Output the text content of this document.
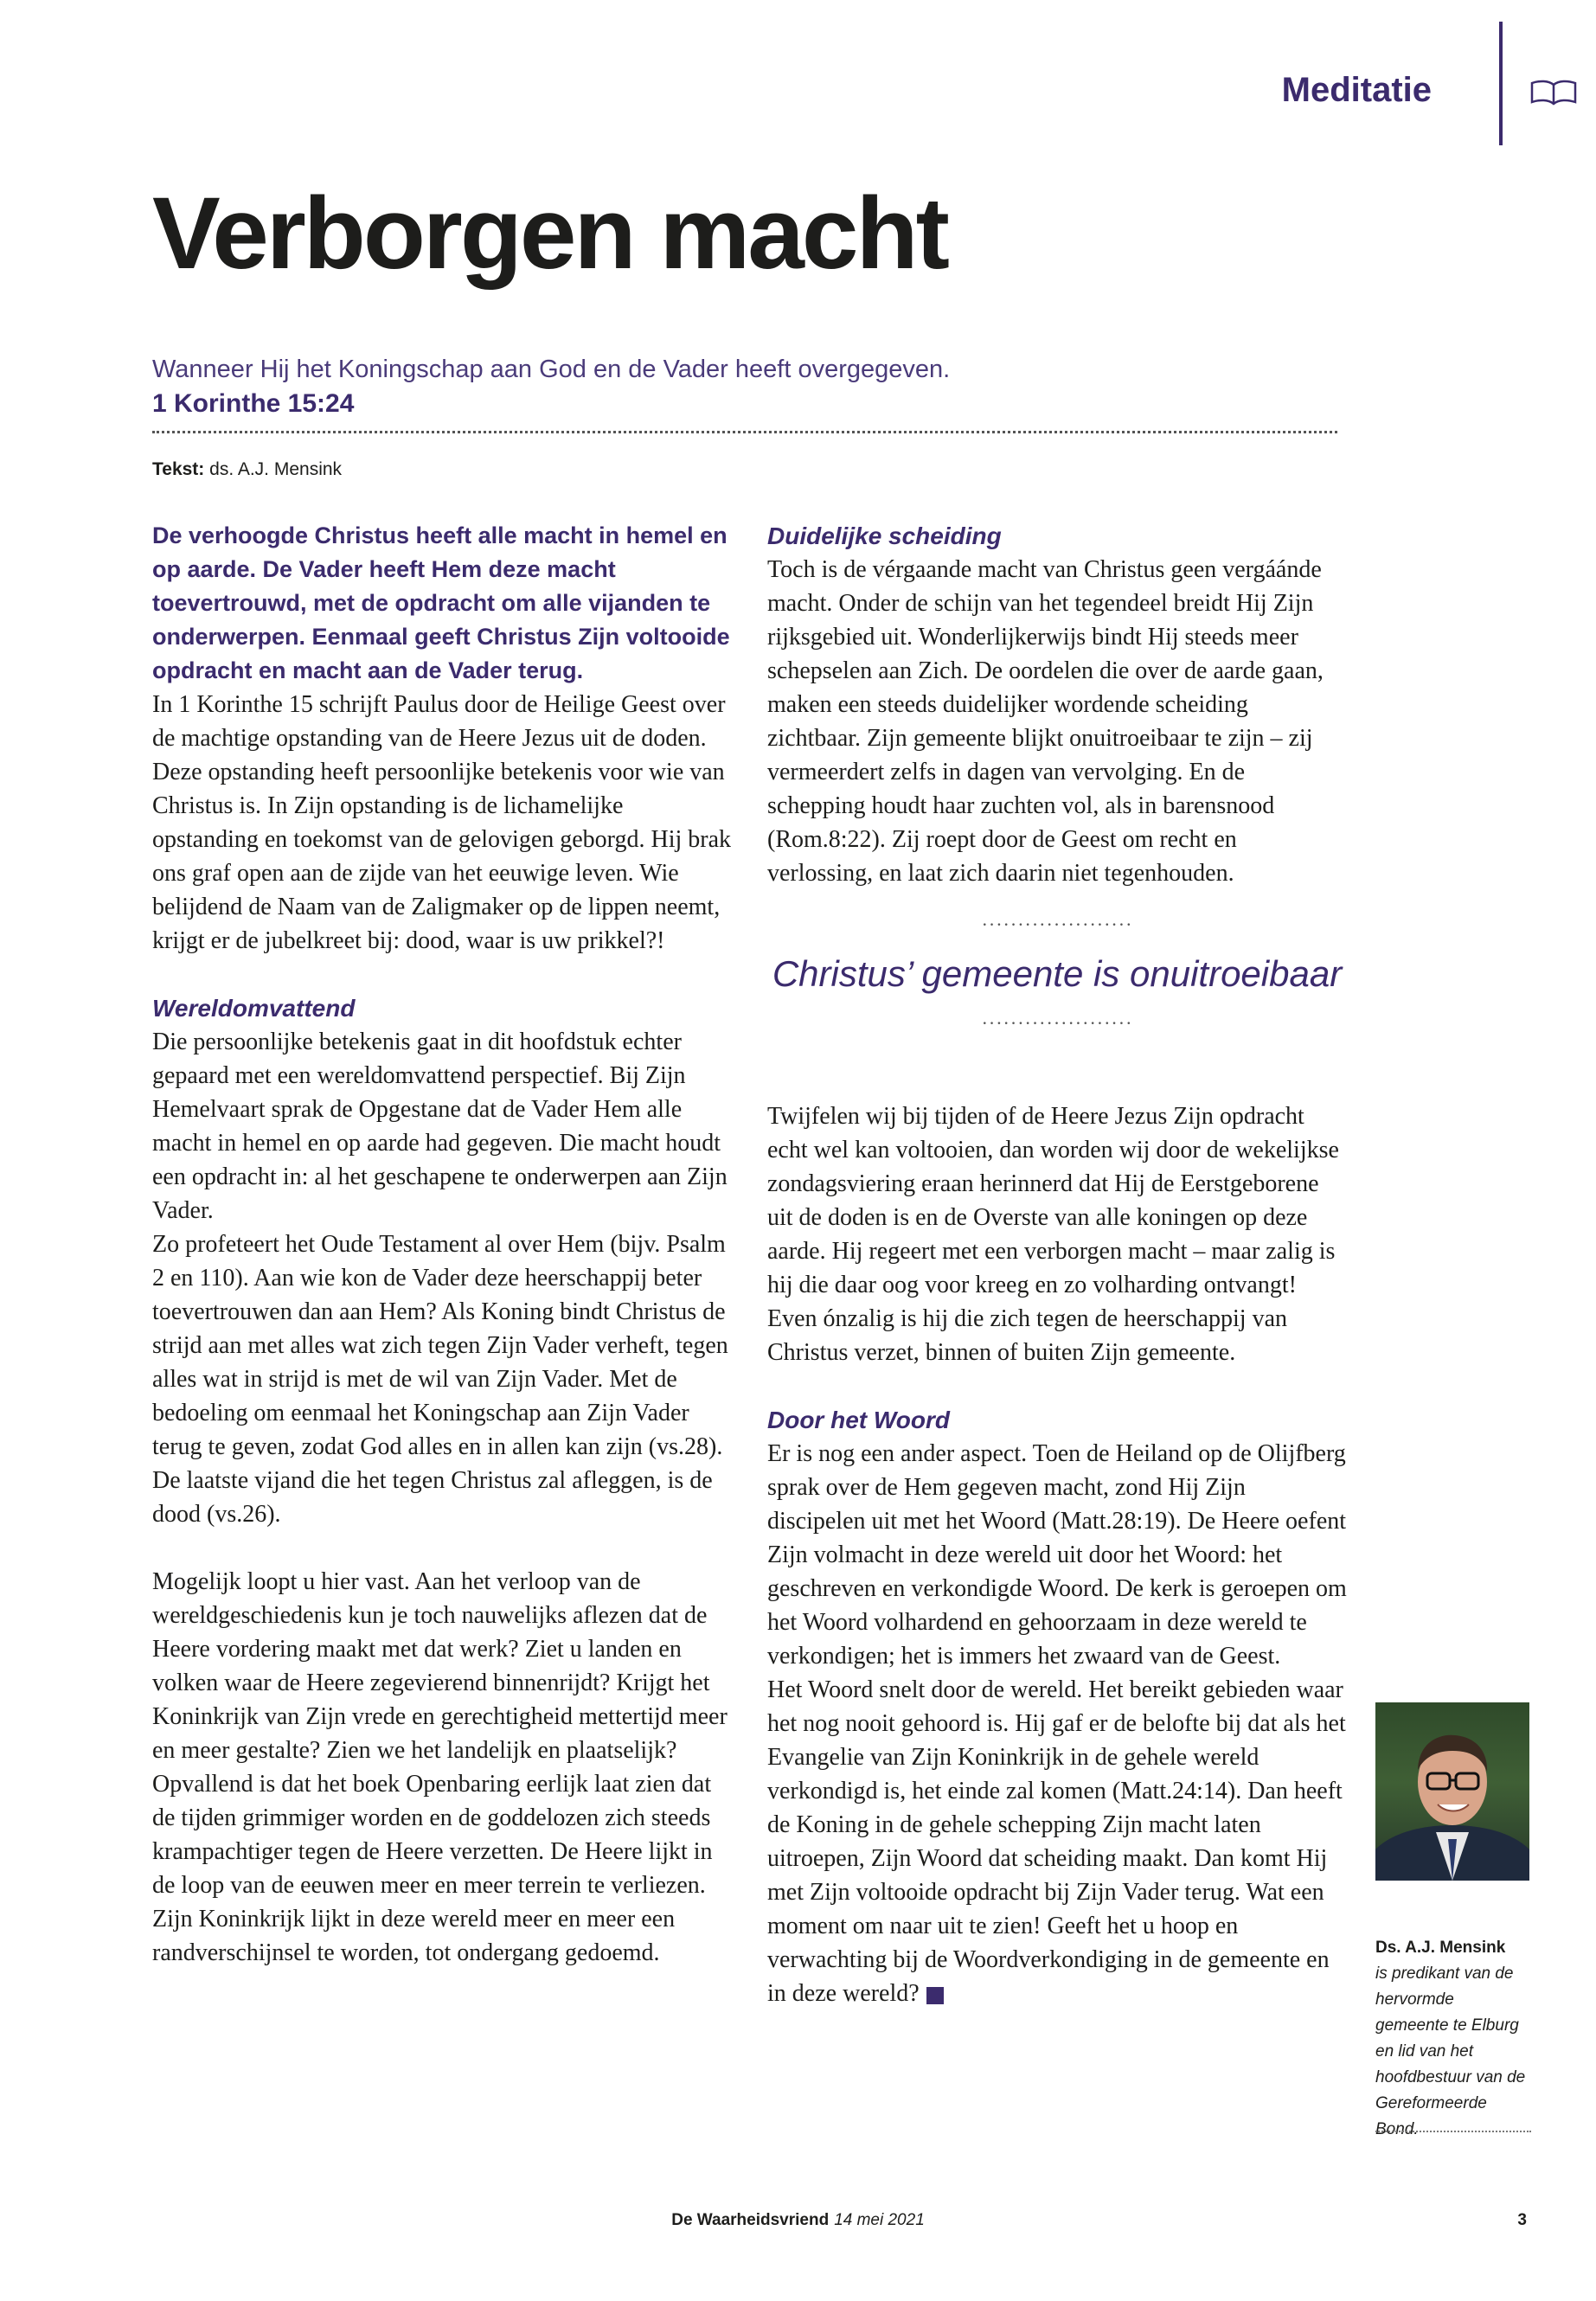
Meditatie
Verborgen macht
Wanneer Hij het Koningschap aan God en de Vader heeft overgegeven.
1 Korinthe 15:24
Tekst: ds. A.J. Mensink

De verhoogde Christus heeft alle macht in hemel en op aarde. De Vader heeft Hem deze macht toevertrouwd, met de opdracht om alle vijanden te onderwerpen. Eenmaal geeft Christus Zijn voltooide opdracht en macht aan de Vader terug.

In 1 Korinthe 15 schrijft Paulus door de Heilige Geest over de machtige opstanding van de Heere Jezus uit de doden. Deze opstanding heeft persoonlijke betekenis voor wie van Christus is. In Zijn opstanding is de lichamelijke opstanding en toekomst van de gelovigen geborgd. Hij brak ons graf open aan de zijde van het eeuwige leven. Wie belijdend de Naam van de Zaligmaker op de lippen neemt, krijgt er de jubelkreet bij: dood, waar is uw prikkel?!

Wereldomvattend

Die persoonlijke betekenis gaat in dit hoofdstuk echter gepaard met een wereldomvattend perspectief. Bij Zijn Hemelvaart sprak de Opgestane dat de Vader Hem alle macht in hemel en op aarde had gegeven. Die macht houdt een opdracht in: al het geschapene te onderwerpen aan Zijn Vader.

Zo profeteert het Oude Testament al over Hem (bijv. Psalm 2 en 110). Aan wie kon de Vader deze heerschappij beter toevertrouwen dan aan Hem? Als Koning bindt Christus de strijd aan met alles wat zich tegen Zijn Vader verheft, tegen alles wat in strijd is met de wil van Zijn Vader. Met de bedoeling om eenmaal het Koningschap aan Zijn Vader terug te geven, zodat God alles en in allen kan zijn (vs.28). De laatste vijand die het tegen Christus zal afleggen, is de dood (vs.26).

Mogelijk loopt u hier vast. Aan het verloop van de wereldgeschiedenis kun je toch nauwelijks aflezen dat de Heere vordering maakt met dat werk? Ziet u landen en volken waar de Heere zegevierend binnenrijdt? Krijgt het Koninkrijk van Zijn vrede en gerechtigheid mettertijd meer en meer gestalte? Zien we het landelijk en plaatselijk? Opvallend is dat het boek Openbaring eerlijk laat zien dat de tijden grimmiger worden en de goddelozen zich steeds krampachtiger tegen de Heere verzetten. De Heere lijkt in de loop van de eeuwen meer en meer terrein te verliezen. Zijn Koninkrijk lijkt in deze wereld meer en meer een randverschijnsel te worden, tot ondergang gedoemd.

Duidelijke scheiding

Toch is de vérgaande macht van Christus geen vergáánde macht. Onder de schijn van het tegendeel breidt Hij Zijn rijksgebied uit. Wonderlijkerwijs bindt Hij steeds meer schepselen aan Zich. De oordelen die over de aarde gaan, maken een steeds duidelijker wordende scheiding zichtbaar. Zijn gemeente blijkt onuitroeibaar te zijn – zij vermeerdert zelfs in dagen van vervolging. En de schepping houdt haar zuchten vol, als in barensnood (Rom.8:22). Zij roept door de Geest om recht en verlossing, en laat zich daarin niet tegenhouden.

·····················
Christus’ gemeente is onuitroeibaar
·····················

Twijfelen wij bij tijden of de Heere Jezus Zijn opdracht echt wel kan voltooien, dan worden wij door de wekelijkse zondagsviering eraan herinnerd dat Hij de Eerstgeborene uit de doden is en de Overste van alle koningen op deze aarde. Hij regeert met een verborgen macht – maar zalig is hij die daar oog voor kreeg en zo volharding ontvangt! Even ónzalig is hij die zich tegen de heerschappij van Christus verzet, binnen of buiten Zijn gemeente.

Door het Woord

Er is nog een ander aspect. Toen de Heiland op de Olijfberg sprak over de Hem gegeven macht, zond Hij Zijn discipelen uit met het Woord (Matt.28:19). De Heere oefent Zijn volmacht in deze wereld uit door het Woord: het geschreven en verkondigde Woord. De kerk is geroepen om het Woord volhardend en gehoorzaam in deze wereld te verkondigen; het is immers het zwaard van de Geest.

Het Woord snelt door de wereld. Het bereikt gebieden waar het nog nooit gehoord is. Hij gaf er de belofte bij dat als het Evangelie van Zijn Koninkrijk in de gehele wereld verkondigd is, het einde zal komen (Matt.24:14). Dan heeft de Koning in de gehele schepping Zijn macht laten uitroepen, Zijn Woord dat scheiding maakt. Dan komt Hij met Zijn voltooide opdracht bij Zijn Vader terug. Wat een moment om naar uit te zien! Geeft het u hoop en verwachting bij de Woordverkondiging in de gemeente en in deze wereld?

Ds. A.J. Mensink
is predikant van de hervormde gemeente te Elburg en lid van het hoofdbestuur van de Gereformeerde Bond.
De Waarheidsvriend 14 mei 2021	3
